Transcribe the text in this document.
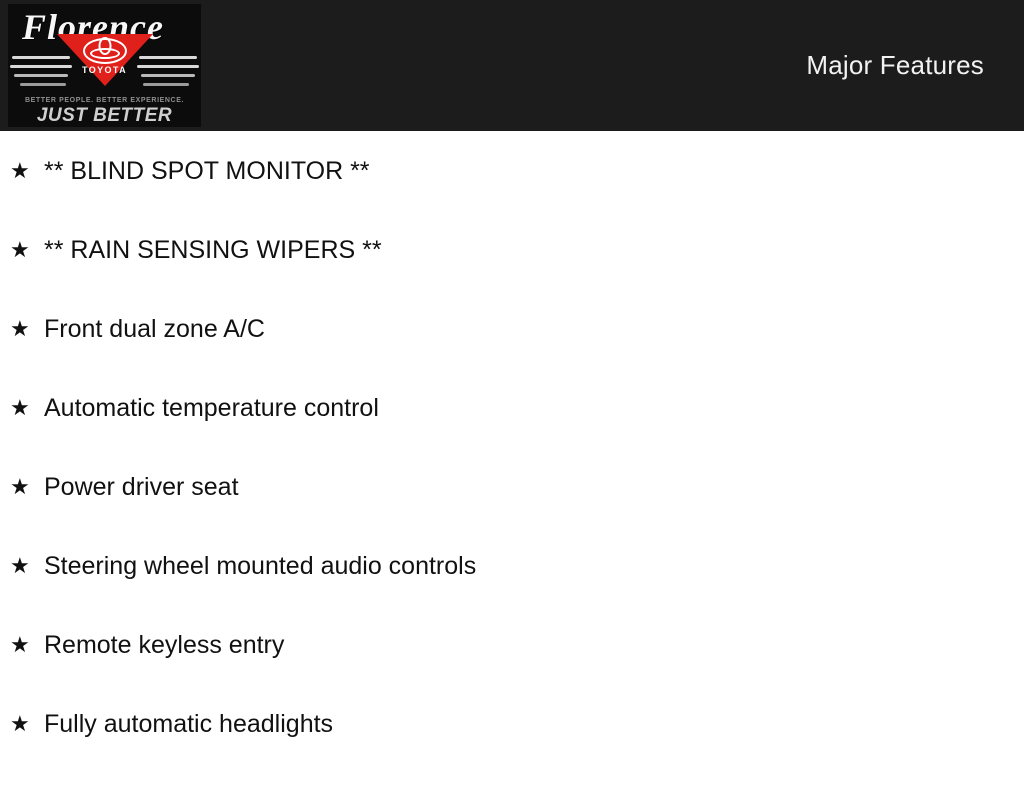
Florence
TOYOTA
BETTER PEOPLE. BETTER EXPERIENCE.
JUST BETTER
Major Features
★ ** BLIND SPOT MONITOR **
★ ** RAIN SENSING WIPERS **
★ Front dual zone A/C
★ Automatic temperature control
★ Power driver seat
★ Steering wheel mounted audio controls
★ Remote keyless entry
★ Fully automatic headlights
